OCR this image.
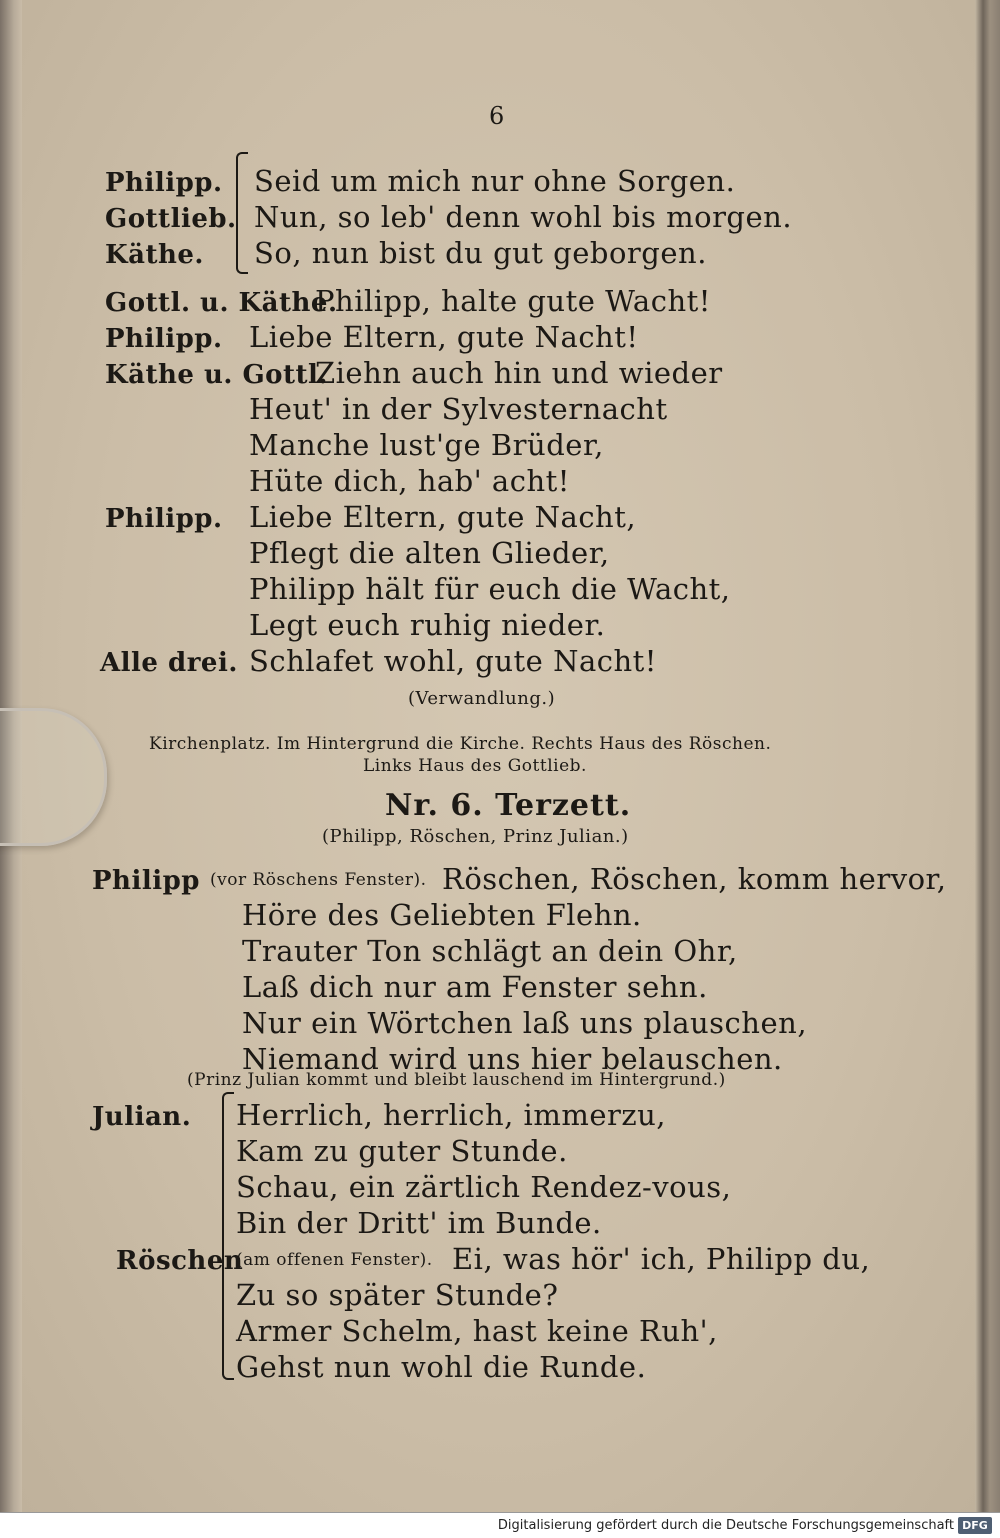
6
Philipp.
Gottlieb.
Käthe.
Seid um mich nur ohne Sorgen.
Nun, so leb' denn wohl bis morgen.
So, nun bist du gut geborgen.
Gottl. u. Käthe.
Philipp, halte gute Wacht!
Philipp. Liebe Eltern, gute Nacht!
Käthe u. Gottl.
Ziehn auch hin und wieder
Heut' in der Sylvesternacht
Manche lust'ge Brüder,
Hüte dich, hab' acht!
Philipp. Liebe Eltern, gute Nacht,
Pflegt die alten Glieder,
Philipp hält für euch die Wacht,
Legt euch ruhig nieder.
Alle drei. Schlafet wohl, gute Nacht!
(Verwandlung.)
Kirchenplatz. Im Hintergrund die Kirche. Rechts Haus des Röschen.
Links Haus des Gottlieb.
Nr. 6. Terzett.
(Philipp, Röschen, Prinz Julian.)
Philipp (vor Röschens Fenster). Röschen, Röschen, komm hervor,
Höre des Geliebten Flehn.
Trauter Ton schlägt an dein Ohr,
Laß dich nur am Fenster sehn.
Nur ein Wörtchen laß uns plauschen,
Niemand wird uns hier belauschen.
(Prinz Julian kommt und bleibt lauschend im Hintergrund.)
Julian. Herrlich, herrlich, immerzu,
Kam zu guter Stunde.
Schau, ein zärtlich Rendez-vous,
Bin der Dritt' im Bunde.
Röschen
(am offenen Fenster). Ei, was hör' ich, Philipp du,
Zu so später Stunde?
Armer Schelm, hast keine Ruh',
Gehst nun wohl die Runde.
Digitalisierung gefördert durch die Deutsche Forschungsgemeinschaft DFG
